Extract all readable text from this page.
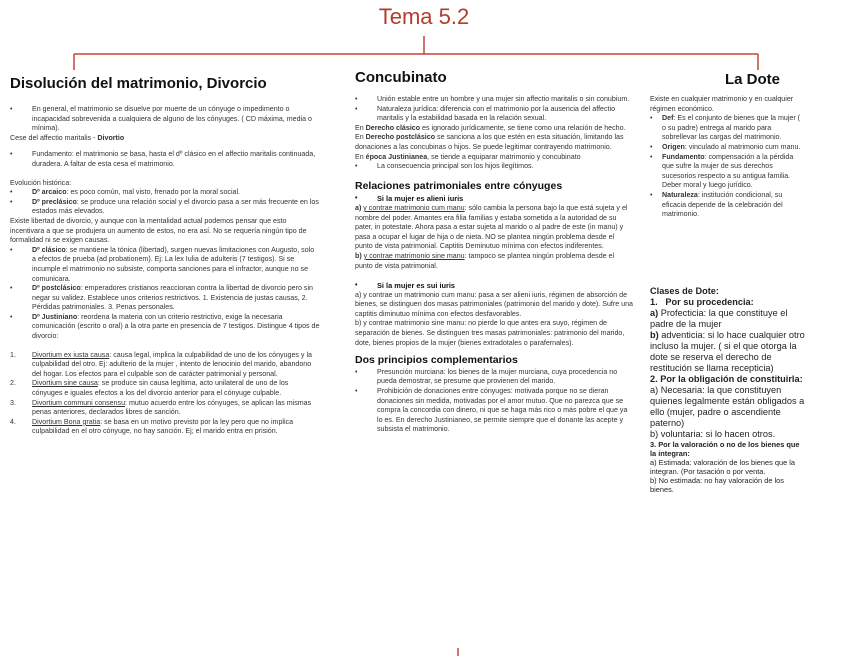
Tema 5.2
Disolución del matrimonio, Divorcio

• En general, el matrimonio se disuelve por muerte de un cónyuge o impedimento o incapacidad sobrevenida a cualquiera de alguno de los cónyuges. ( CD máxima, media o mínima).

Cese del affectio maritalis - Divortio

• Fundamento: el matrimonio se basa, hasta el dº clásico en el affectio maritalis continuada, duradera. A faltar de esta cesa el matrimonio.

Evolución histórica:

• Dº arcaico: es poco común, mal visto, frenado por la moral social.

• Dº preclásico: se produce una relación social y el divorcio pasa a ser más frecuente en los estados más elevados.

Existe libertad de divorcio, y aunque con la mentalidad actual podemos pensar que esto incentivara a que se produjera un aumento de estos, no era así. No se requería ningún tipo de formalidad ni se exigen causas.

• Dº clásico: se mantiene la tónica (libertad), surgen nuevas limitaciones con Augusto, solo a efectos de prueba (ad probationem). Ej: La lex Iulia de adulteris (7 testigos). Si se incumple el matrimonio no subsiste, comporta sanciones para el infractor, aunque no se comunicara.

• Dº postclásico: emperadores cristianos reaccionan contra la libertad de divorcio pero sin negar su validez. Establece unos criterios restrictivos. 1. Existencia de justas causas, 2. Pérdidas patrimoniales. 3. Penas personales.

• Dº Justiniano: reordena la materia con un criterio restrictivo, exige la necesaria comunicación (escrito o oral) a la otra parte en presencia de 7 testigos. Distingue 4 tipos de divorcio:

1. Divortium ex iusta causa: causa legal, implica la culpabilidad de uno de los cónyuges y la culpabilidad del otro. Ej: adulterio de la mujer , intento de lenocinio del marido, abandono del hogar. Los efectos para el culpable son de carácter patrimonial y personal.

2. Divortium sine causa: se produce sin causa legítima, acto unilateral de uno de los cónyuges e iguales efectos a los del divorcio anterior para el cónyuge culpable.

3. Divortium communi consensu: mutuo acuerdo entre los cónyuges, se aplican las mismas penas anteriores, declarados libres de sanción.

4. Divortium Bona gratia: se basa en un motivo previsto por la ley pero que no implica culpabilidad en el otro cónyuge, no hay sanción. Ej; el marido entra en prisión.

Concubinato

• Unión estable entre un hombre y una mujer sin affectio maritalis o sin conubium.

• Naturaleza jurídica: diferencia con el matrimonio por la ausencia del affectio maritalis y la estabilidad basada en la relación sexual.

En Derecho clásico es ignorado jurídicamente, se tiene como una relación de hecho.

En Derecho postclásico se sanciona a los que estén en esta situación, limitando las donaciones a las concubinas o hijos. Se puede legitimar contrayendo matrimonio.

En época Justinianea, se tiende a equiparar matrimonio y concubinato

• La consecuencia principal son los hijos ilegítimos.

Relaciones patrimoniales entre cónyuges

• Si la mujer es alieni iuris

a) y contrae matrimonio cum manu: sólo cambia la persona bajo la que está sujeta y el nombre del poder. Amantes era filia familias y estaba sometida a la autoridad de su pater, in potestate. Ahora pasa a estar sujeta al marido o al padre de este (in manu) y pasa a ocupar el lugar de hija o de nieta. NO se plantea ningún problema desde el punto de vista patrimonial. Captitis Deminutuo mínima con efectos indiferentes.

b) y contrae matrimonio sine manu: tampoco se plantea ningún problema desde el punto de vista patrimonial.

• Si la mujer es sui iuris

a) y contrae un matrimonio cum manu: pasa a ser alieni iuris, régimen de absorción de bienes, se distinguen dos masas patrimoniales (patrimonio del marido y dote). Sufre una captitis diminutuo mínima con efectos desfavorables.

b) y contrae matrimonio sine manu: no pierde lo que antes era suyo, régimen de separación de bienes. Se distinguen tres masas patrimoniales: patrimonio del marido, dote, bienes propios de la mujer (bienes extradotales o parafernales).

Dos principios complementarios

• Presunción murciana: los bienes de la mujer murciana, cuya procedencia no pueda demostrar, se presume que provienen del marido.

• Prohibición de donaciones entre cónyuges: motivada porque no se dieran donaciones sin medida, motivadas por el amor mutuo. Que no parezca que se compra la concordia con dinero, ni que se haga más rico o más pobre el que ya lo es. En derecho Justinianeo, se permite siempre que el donante las acepte y subsista el matrimonio.

La Dote

Existe en cualquier matrimonio y en cualquier régimen económico.

• Def: Es el conjunto de bienes que la mujer ( o su padre) entrega al marido para sobrellevar las cargas del matrimonio.

• Origen: vinculado al matrimonio cum manu.

• Fundamento: compensación a la pérdida que sufre la mujer de sus derechos sucesorios respecto a su antigua familia. Deber moral y luego jurídico.

• Naturaleza: institución condicional, su eficacia depende de la celebración del matrimonio.

Clases de Dote:

1. Por su procedencia:

a) Profecticia: la que constituye el padre de la mujer

b) adventicia: si lo hace cualquier otro incluso la mujer. ( si el que otorga la dote se reserva el derecho de restitución se llama recepticia)

2. Por la obligación de constituirla:

a) Necesaria: la que constituyen quienes legalmente están obligados a ello (mujer, padre o ascendiente paterno)

b) voluntaria: si lo hacen otros.

3. Por la valoración o no de los bienes que la integran:

a) Estimada: valoración de los bienes que la integran. (Por tasación o por venta.

b) No estimada: no hay valoración de los bienes.
